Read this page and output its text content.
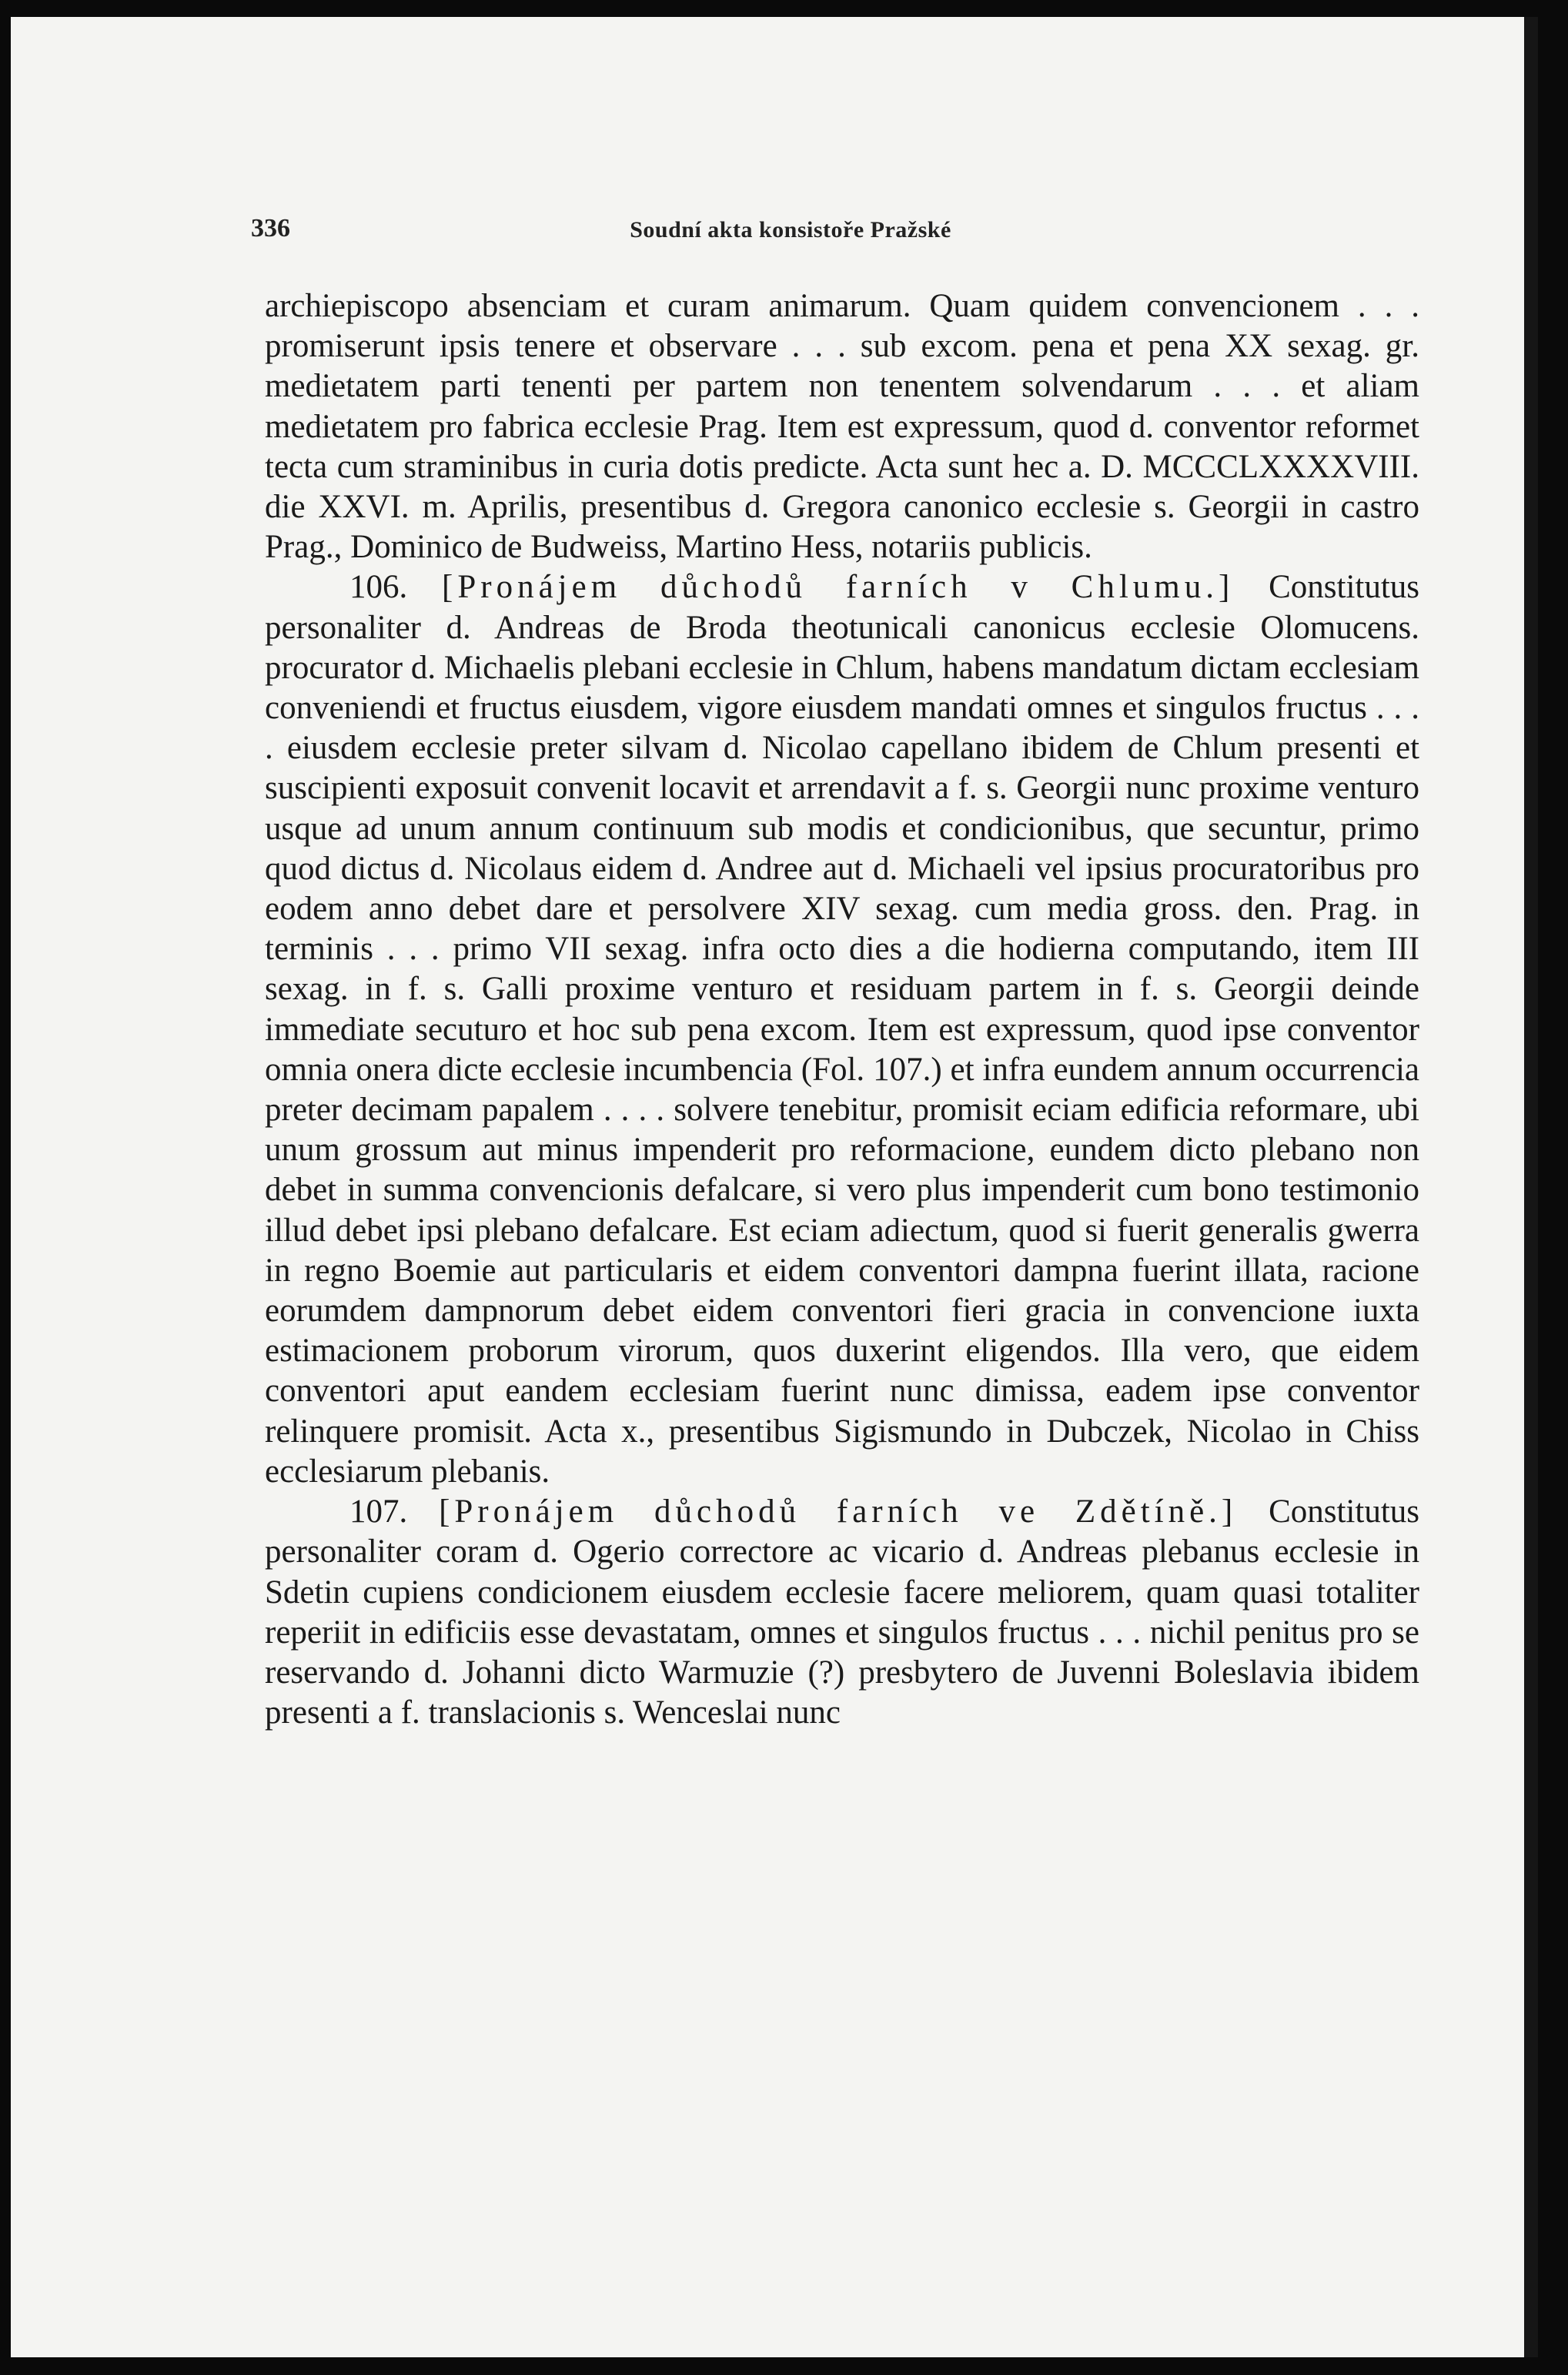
336	Soudní akta konsistoře Pražské

archiepiscopo absenciam et curam animarum. Quam quidem convencionem . . . promiserunt ipsis tenere et observare . . . sub excom. pena et pena XX sexag. gr. medietatem parti tenenti per partem non tenentem solvendarum . . . et aliam medietatem pro fabrica ecclesie Prag. Item est expressum, quod d. conventor reformet tecta cum straminibus in curia dotis predicte. Acta sunt hec a. D. MCCCLXXXXVIII. die XXVI. m. Aprilis, presentibus d. Gregora canonico ecclesie s. Georgii in castro Prag., Dominico de Budweiss, Martino Hess, notariis publicis.

106. [Pronájem důchodů farních v Chlumu.] Constitutus personaliter d. Andreas de Broda theotunicali canonicus ecclesie Olomucens. procurator d. Michaelis plebani ecclesie in Chlum, habens mandatum dictam ecclesiam conveniendi et fructus eiusdem, vigore eiusdem mandati omnes et singulos fructus . . . . eiusdem ecclesie preter silvam d. Nicolao capellano ibidem de Chlum presenti et suscipienti exposuit convenit locavit et arrendavit a f. s. Georgii nunc proxime venturo usque ad unum annum continuum sub modis et condicionibus, que secuntur, primo quod dictus d. Nicolaus eidem d. Andree aut d. Michaeli vel ipsius procuratoribus pro eodem anno debet dare et persolvere XIV sexag. cum media gross. den. Prag. in terminis . . . primo VII sexag. infra octo dies a die hodierna computando, item III sexag. in f. s. Galli proxime venturo et residuam partem in f. s. Georgii deinde immediate secuturo et hoc sub pena excom. Item est expressum, quod ipse conventor omnia onera dicte ecclesie incumbencia (Fol. 107.) et infra eundem annum occurrencia preter decimam papalem . . . . solvere tenebitur, promisit eciam edificia reformare, ubi unum grossum aut minus impenderit pro reformacione, eundem dicto plebano non debet in summa convencionis defalcare, si vero plus impenderit cum bono testimonio illud debet ipsi plebano defalcare. Est eciam adiectum, quod si fuerit generalis gwerra in regno Boemie aut particularis et eidem conventori dampna fuerint illata, racione eorumdem dampnorum debet eidem conventori fieri gracia in convencione iuxta estimacionem proborum virorum, quos duxerint eligendos. Illa vero, que eidem conventori aput eandem ecclesiam fuerint nunc dimissa, eadem ipse conventor relinquere promisit. Acta x., presentibus Sigismundo in Dubczek, Nicolao in Chiss ecclesiarum plebanis.

107. [Pronájem důchodů farních ve Zdětíně.] Constitutus personaliter coram d. Ogerio correctore ac vicario d. Andreas plebanus ecclesie in Sdetin cupiens condicionem eiusdem ecclesie facere meliorem, quam quasi totaliter reperiit in edificiis esse devastatam, omnes et singulos fructus . . . nichil penitus pro se reservando d. Johanni dicto Warmuzie (?) presbytero de Juvenni Boleslavia ibidem presenti a f. translacionis s. Wenceslai nunc
